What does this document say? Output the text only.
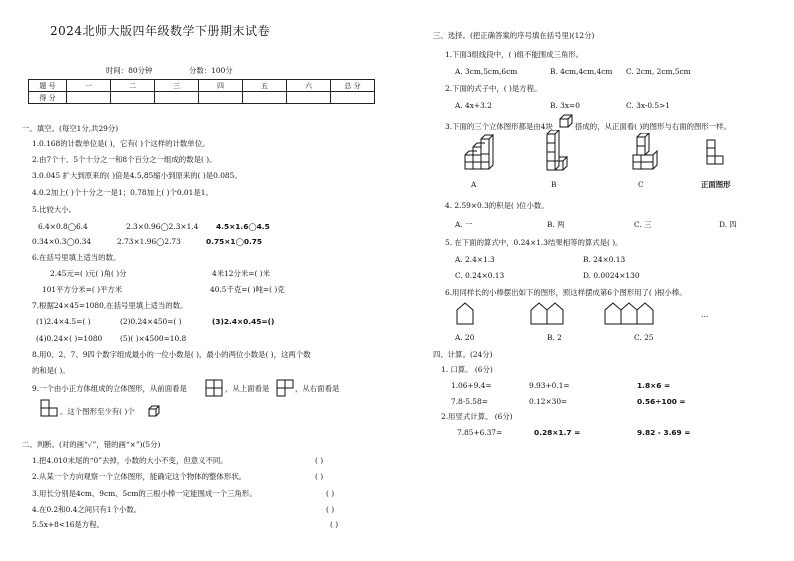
2024北师大版四年级数学下册期末试卷
时间：80分钟	分数：100分
题 号	一	二	三	四	五	六	总 分
得 分							
一、填空。(每空1分,共29分)
1.0.168的计数单位是( )，它有( )个这样的计数单位。
2.由7个十、5个十分之一和8个百分之一组成的数是( )。
3.0.045 扩大到原来的( )倍是4.5,85缩小到原来的( )是0.085。
4.0.2加上( )个十分之一是1；0.78加上( )个0.01是1。
5.比较大小。
6.4×0.8◯6.4	2.3×0.96◯2.3×1.4 4.5×1.6◯4.5
0.34×0.3◯0.34	2.73×1.96◯2.73	0.75×1◯0.75
6.在括号里填上适当的数。
2.45元=( )元( )角( )分	4米12分米=( )米
101平方分米=( )平方米	40.5千克=( )吨=( )克
7.根据24×45=1080,在括号里填上适当的数。
(1)2.4×4.5=( )	(2)0.24×450=( )	(3)2.4×0.45=()
(4)0.24×( )=1080 (5)( )×4500=10.8
8.用0、2、7、9四个数字组成最小的一位小数是( )，最小的两位小数是( )，这两个数
的和是( )。
9.一个由小正方体组成的立体图形，从前面看是	，从上面看是	，从右面看是
。这个图形至少有( )个
二、判断。(对的画“✓”，错的画“×”)(5分)
1.把4.010末尾的“0”去掉，小数的大小不变，但意义不同。	( )
2.从某一个方向观察一个立体图形，能确定这个物体的整体形状。	( )
3.用长分别是4cm、9cm、5cm的三根小棒一定能围成一个三角形。	( )
4.在0.2和0.4之间只有1个小数。	( )
5.5x+8<16是方程。	( )
三、选择。(把正确答案的序号填在括号里)(12分)
1.下面3组线段中，( )组不能围成三角形。
A. 3cm,5cm,6cm	B. 4cm,4cm,4cm C. 2cm, 2cm,5cm
2.下面的式子中，( )是方程。
A. 4x+3.2	B. 3x=0	C. 3x-0.5>1
3.下面的三个立体图形都是由4块	搭成的，从正面看( )的图形与右面的图形一样。
A	B	C	正面图形
4. 2.59×0.3的积是( )位小数。
A. 一	B. 两	C. 三	D. 四
5. 在下面的算式中，0.24×1.3结果相等的算式是( )。
A. 2.4×1.3	B. 24×0.13
C. 0.24×0.13	D. 0.0024×130
6.用同样长的小棒摆出如下的图形，照这样摆成第6个图形用了( )根小棒。
…
A. 20	B. 2	C. 25
四、计算。(24分)
1. 口算。 (6分)
1.06+9.4=	9.93+0.1=	1.8×6 =
7.8-5.58=	0.12×30=	0.56÷100 =
2.用竖式计算。 (6分)
7.85+6.37=	0.28×1.7 =	9.82 - 3.69 =
